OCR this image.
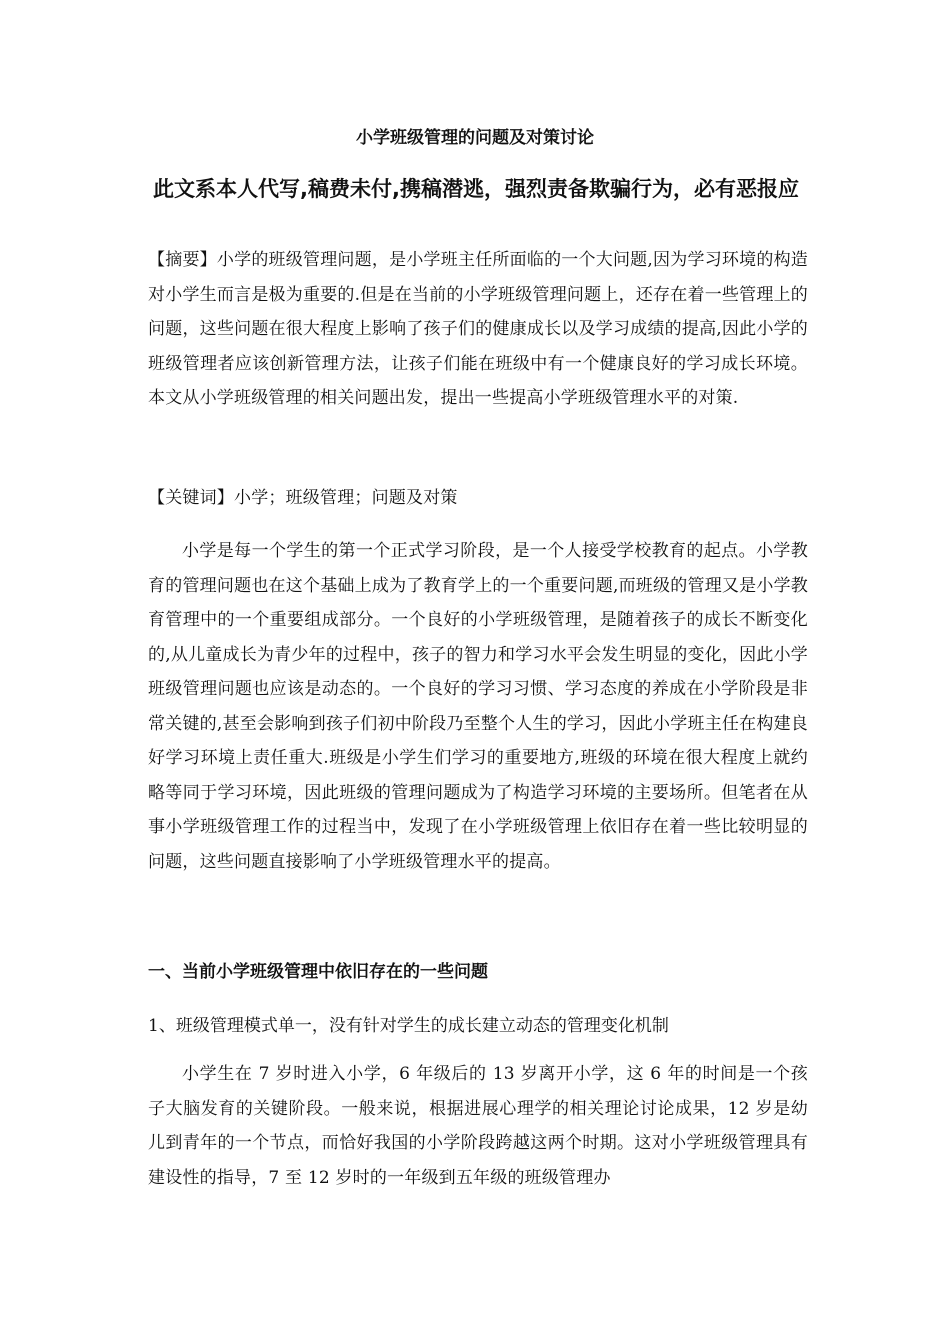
小学班级管理的问题及对策讨论
此文系本人代写,稿费未付,携稿潜逃，强烈责备欺骗行为，必有恶报应

【摘要】小学的班级管理问题，是小学班主任所面临的一个大问题,因为学习环境的构造对小学生而言是极为重要的.但是在当前的小学班级管理问题上，还存在着一些管理上的问题，这些问题在很大程度上影响了孩子们的健康成长以及学习成绩的提高,因此小学的班级管理者应该创新管理方法，让孩子们能在班级中有一个健康良好的学习成长环境。本文从小学班级管理的相关问题出发，提出一些提高小学班级管理水平的对策.

【关键词】小学；班级管理；问题及对策

小学是每一个学生的第一个正式学习阶段，是一个人接受学校教育的起点。小学教育的管理问题也在这个基础上成为了教育学上的一个重要问题,而班级的管理又是小学教育管理中的一个重要组成部分。一个良好的小学班级管理，是随着孩子的成长不断变化的,从儿童成长为青少年的过程中，孩子的智力和学习水平会发生明显的变化，因此小学班级管理问题也应该是动态的。一个良好的学习习惯、学习态度的养成在小学阶段是非常关键的,甚至会影响到孩子们初中阶段乃至整个人生的学习，因此小学班主任在构建良好学习环境上责任重大.班级是小学生们学习的重要地方,班级的环境在很大程度上就约略等同于学习环境，因此班级的管理问题成为了构造学习环境的主要场所。但笔者在从事小学班级管理工作的过程当中，发现了在小学班级管理上依旧存在着一些比较明显的问题，这些问题直接影响了小学班级管理水平的提高。

一、当前小学班级管理中依旧存在的一些问题
1、班级管理模式单一，没有针对学生的成长建立动态的管理变化机制

小学生在 7 岁时进入小学，6 年级后的 13 岁离开小学，这 6 年的时间是一个孩子大脑发育的关键阶段。一般来说，根据进展心理学的相关理论讨论成果，12 岁是幼儿到青年的一个节点，而恰好我国的小学阶段跨越这两个时期。这对小学班级管理具有建设性的指导，7 至 12 岁时的一年级到五年级的班级管理办
